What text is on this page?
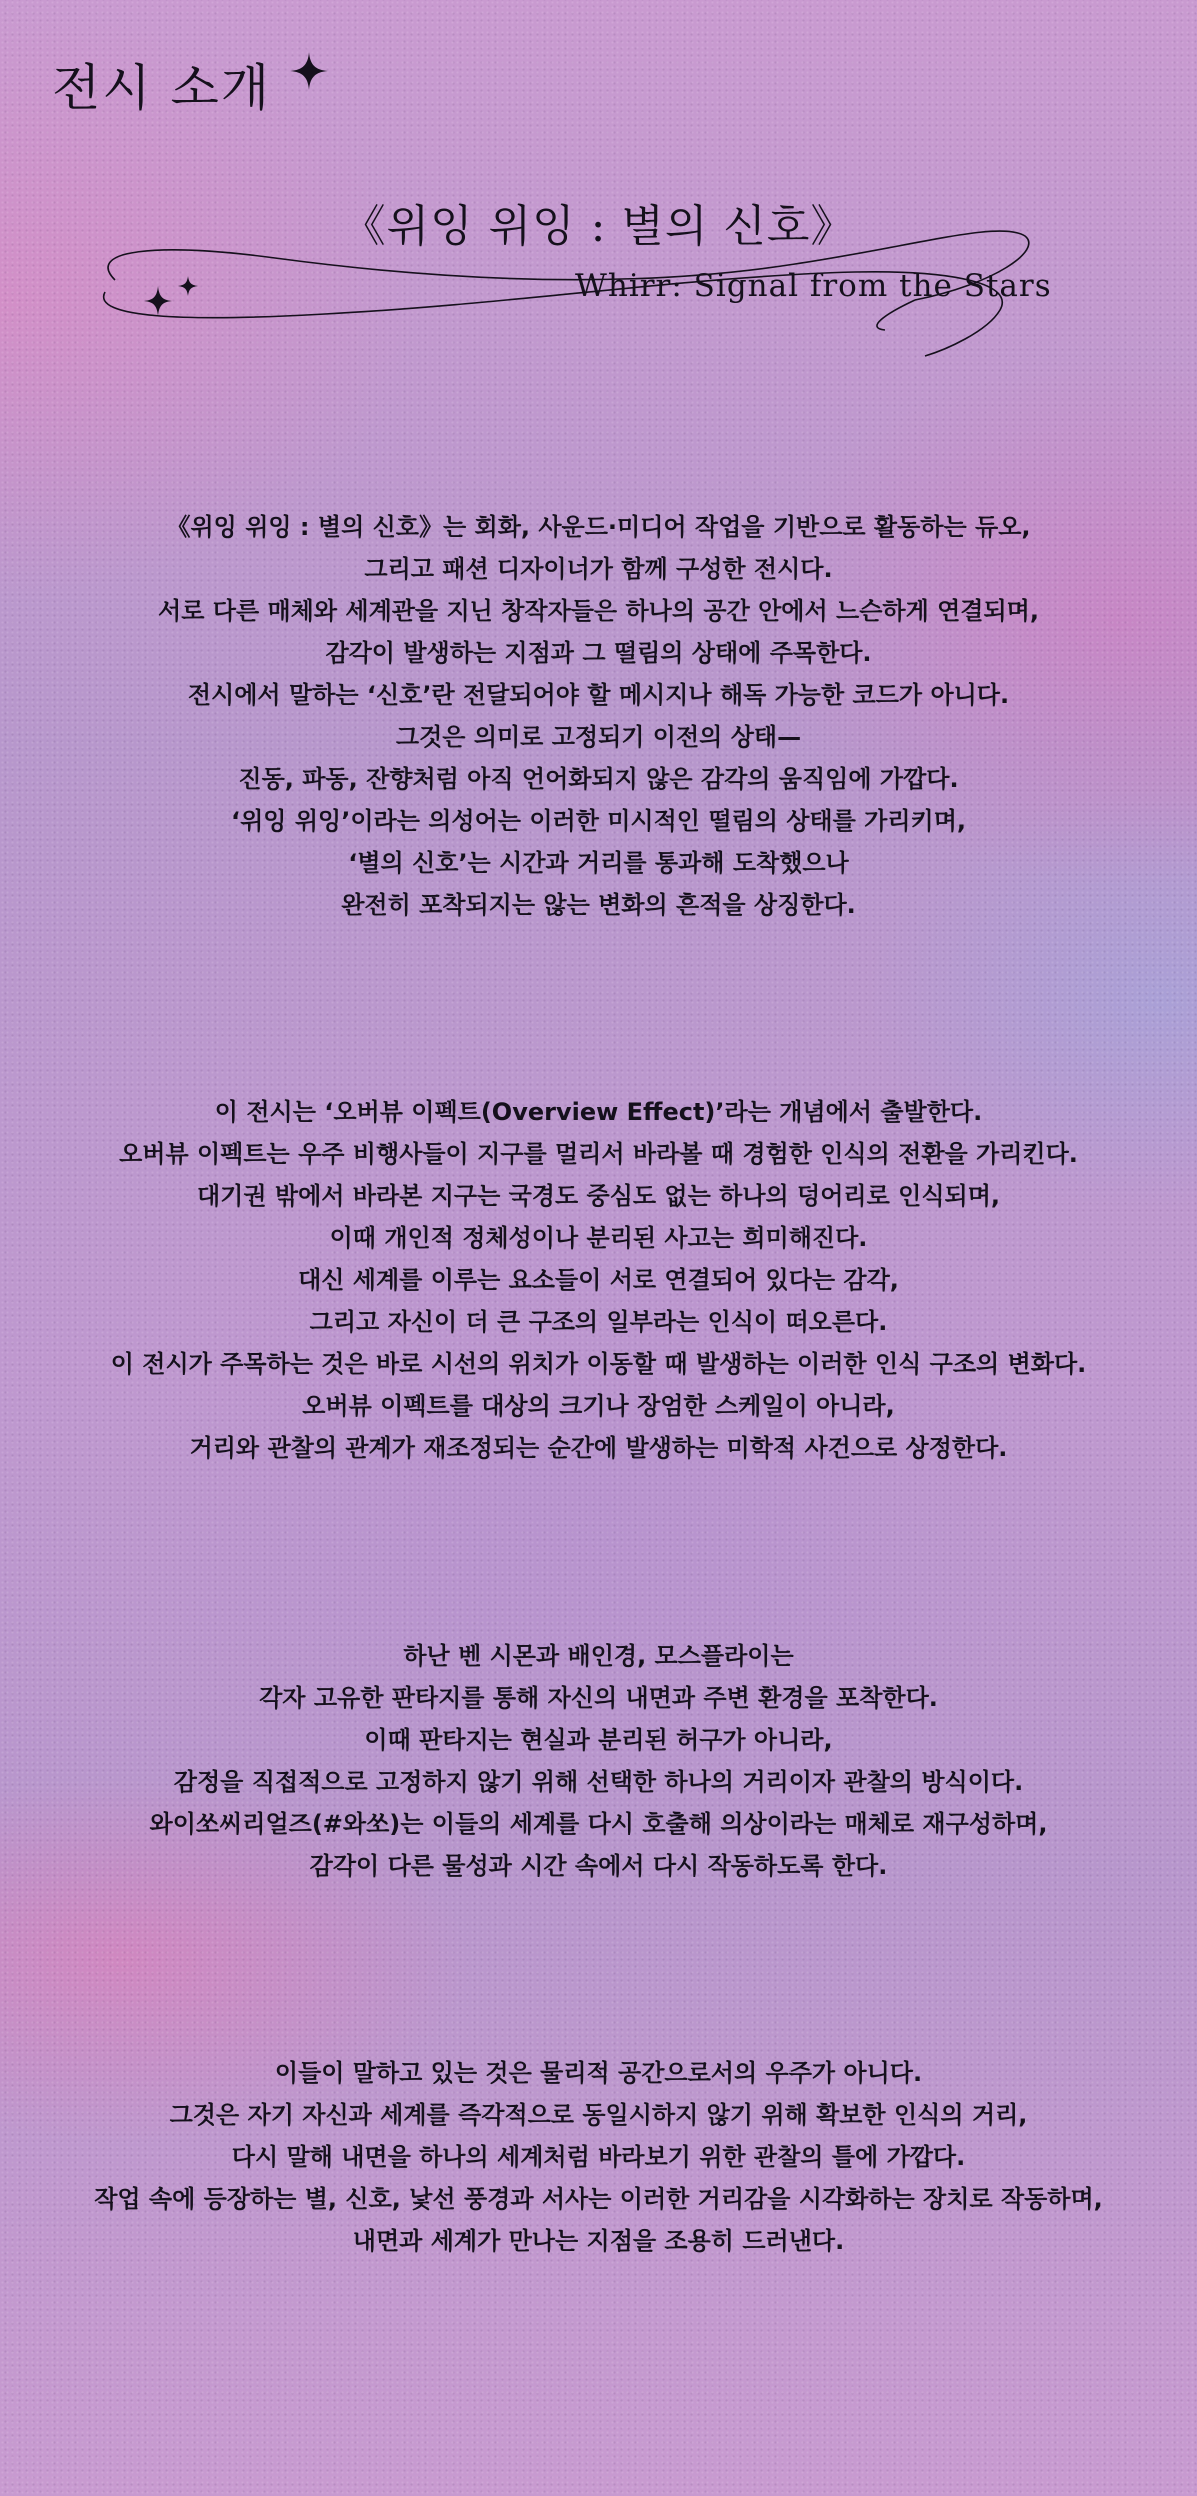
전시 소개
《위잉 위잉 : 별의 신호》

Whirr: Signal from the Stars

《위잉 위잉 : 별의 신호》는 회화, 사운드·미디어 작업을 기반으로 활동하는 듀오,
그리고 패션 디자이너가 함께 구성한 전시다.
서로 다른 매체와 세계관을 지닌 창작자들은 하나의 공간 안에서 느슨하게 연결되며,
감각이 발생하는 지점과 그 떨림의 상태에 주목한다.
전시에서 말하는 ‘신호’란 전달되어야 할 메시지나 해독 가능한 코드가 아니다.
그것은 의미로 고정되기 이전의 상태—
진동, 파동, 잔향처럼 아직 언어화되지 않은 감각의 움직임에 가깝다.
‘위잉 위잉’이라는 의성어는 이러한 미시적인 떨림의 상태를 가리키며,
‘별의 신호’는 시간과 거리를 통과해 도착했으나
완전히 포착되지는 않는 변화의 흔적을 상징한다.
이 전시는 ‘오버뷰 이펙트(Overview Effect)’라는 개념에서 출발한다.
오버뷰 이펙트는 우주 비행사들이 지구를 멀리서 바라볼 때 경험한 인식의 전환을 가리킨다.
대기권 밖에서 바라본 지구는 국경도 중심도 없는 하나의 덩어리로 인식되며,
이때 개인적 정체성이나 분리된 사고는 희미해진다.
대신 세계를 이루는 요소들이 서로 연결되어 있다는 감각,
그리고 자신이 더 큰 구조의 일부라는 인식이 떠오른다.
이 전시가 주목하는 것은 바로 시선의 위치가 이동할 때 발생하는 이러한 인식 구조의 변화다.
오버뷰 이펙트를 대상의 크기나 장엄한 스케일이 아니라,
거리와 관찰의 관계가 재조정되는 순간에 발생하는 미학적 사건으로 상정한다.
하난 벤 시몬과 배인경, 모스플라이는
각자 고유한 판타지를 통해 자신의 내면과 주변 환경을 포착한다.
이때 판타지는 현실과 분리된 허구가 아니라,
감정을 직접적으로 고정하지 않기 위해 선택한 하나의 거리이자 관찰의 방식이다.
와이쏘씨리얼즈(#와쏘)는 이들의 세계를 다시 호출해 의상이라는 매체로 재구성하며,
감각이 다른 물성과 시간 속에서 다시 작동하도록 한다.
이들이 말하고 있는 것은 물리적 공간으로서의 우주가 아니다.
그것은 자기 자신과 세계를 즉각적으로 동일시하지 않기 위해 확보한 인식의 거리,
다시 말해 내면을 하나의 세계처럼 바라보기 위한 관찰의 틀에 가깝다.
작업 속에 등장하는 별, 신호, 낯선 풍경과 서사는 이러한 거리감을 시각화하는 장치로 작동하며,
내면과 세계가 만나는 지점을 조용히 드러낸다.
